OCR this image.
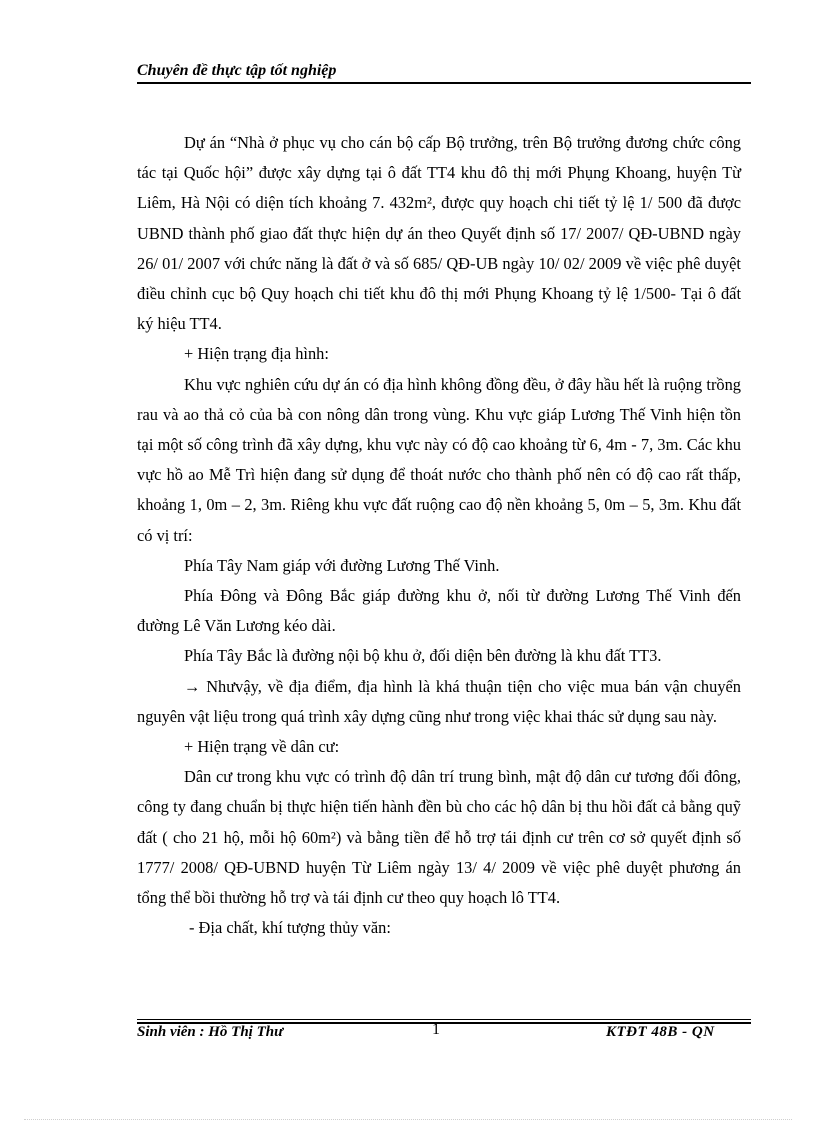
Chuyên đề thực tập tốt nghiệp

Dự án “Nhà ở phục vụ cho cán bộ cấp Bộ trưởng, trên Bộ trưởng đương chức công tác tại Quốc hội” được xây dựng tại ô đất TT4 khu đô thị mới Phụng Khoang, huyện Từ Liêm, Hà Nội có diện tích khoảng 7. 432m², được quy hoạch chi tiết tỷ lệ 1/ 500 đã được UBND thành phố giao đất thực hiện dự án theo Quyết định số 17/ 2007/ QĐ-UBND ngày 26/ 01/ 2007 với chức năng là đất ở và số 685/ QĐ-UB ngày 10/ 02/ 2009 về việc phê duyệt điều chỉnh cục bộ Quy hoạch chi tiết khu đô thị mới Phụng Khoang tỷ lệ 1/500- Tại ô đất ký hiệu TT4.

+ Hiện trạng địa hình:

Khu vực nghiên cứu dự án có địa hình không đồng đều, ở đây hầu hết là ruộng trồng rau và ao thả cỏ của bà con nông dân trong vùng. Khu vực giáp Lương Thế Vinh hiện tồn tại một số công trình đã xây dựng, khu vực này có độ cao khoảng từ 6, 4m - 7, 3m. Các khu vực hồ ao Mễ Trì hiện đang sử dụng để thoát nước cho thành phố nên có độ cao rất thấp, khoảng 1, 0m – 2, 3m. Riêng khu vực đất ruộng cao độ nền khoảng 5, 0m – 5, 3m. Khu đất có vị trí:

Phía Tây Nam giáp với đường Lương Thế Vinh.

Phía Đông và Đông Bắc giáp đường khu ở, nối từ đường Lương Thế Vinh đến đường Lê Văn Lương kéo dài.

Phía Tây Bắc là đường nội bộ khu ở, đối diện bên đường là khu đất TT3.

→ Nhưvậy, về địa điểm, địa hình là khá thuận tiện cho việc mua bán vận chuyển nguyên vật liệu trong quá trình xây dựng cũng như trong việc khai thác sử dụng sau này.

+ Hiện trạng về dân cư:

Dân cư trong khu vực có trình độ dân trí trung bình, mật độ dân cư tương đối đông, công ty đang chuẩn bị thực hiện tiến hành đền bù cho các hộ dân bị thu hồi đất cả bằng quỹ đất ( cho 21 hộ, mỗi hộ 60m²) và bằng tiền để hỗ trợ tái định cư trên cơ sở quyết định số 1777/ 2008/ QĐ-UBND huyện Từ Liêm ngày 13/ 4/ 2009 về việc phê duyệt phương án tổng thể bồi thường hỗ trợ và tái định cư theo quy hoạch lô TT4.

- Địa chất, khí tượng thủy văn:

Sinh viên : Hồ Thị Thư	1	KTĐT 48B - QN
